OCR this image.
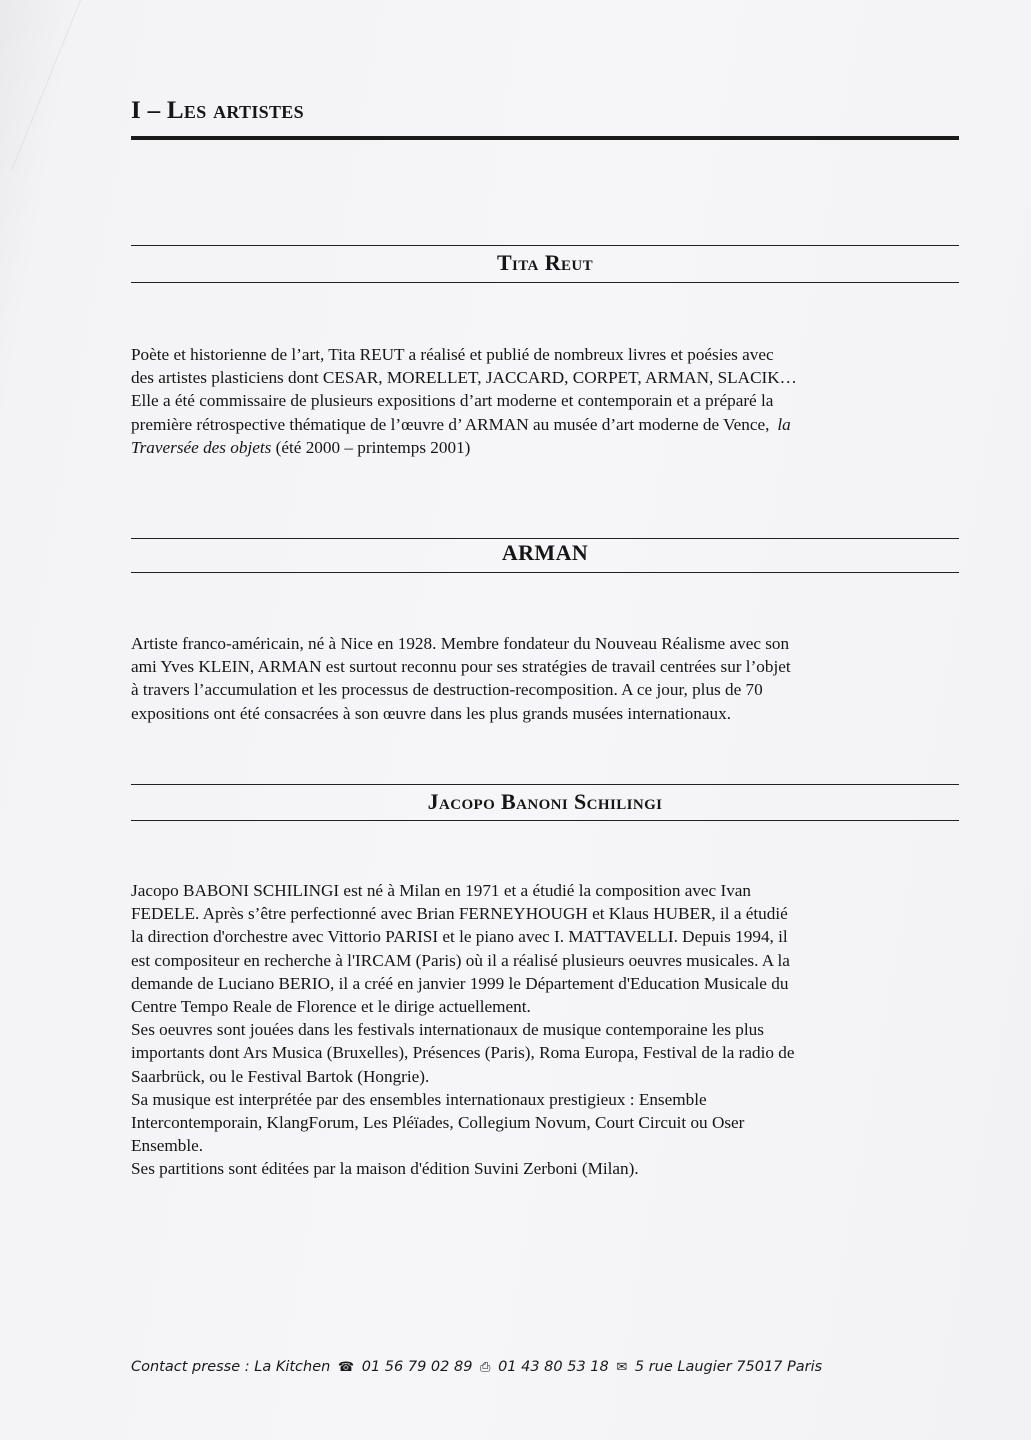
I – Les artistes
Tita Reut
Poète et historienne de l’art, Tita REUT a réalisé et publié de nombreux livres et poésies avec
des artistes plasticiens dont CESAR, MORELLET, JACCARD, CORPET, ARMAN, SLACIK…
Elle a été commissaire de plusieurs expositions d’art moderne et contemporain et a préparé la
première rétrospective thématique de l’œuvre d’ ARMAN au musée d’art moderne de Vence, la
Traversée des objets (été 2000 – printemps 2001)
ARMAN
Artiste franco-américain, né à Nice en 1928. Membre fondateur du Nouveau Réalisme avec son
ami Yves KLEIN, ARMAN est surtout reconnu pour ses stratégies de travail centrées sur l’objet
à travers l’accumulation et les processus de destruction-recomposition. A ce jour, plus de 70
expositions ont été consacrées à son œuvre dans les plus grands musées internationaux.
Jacopo Banoni Schilingi
Jacopo BABONI SCHILINGI est né à Milan en 1971 et a étudié la composition avec Ivan
FEDELE. Après s’être perfectionné avec Brian FERNEYHOUGH et Klaus HUBER, il a étudié
la direction d'orchestre avec Vittorio PARISI et le piano avec I. MATTAVELLI. Depuis 1994, il
est compositeur en recherche à l'IRCAM (Paris) où il a réalisé plusieurs oeuvres musicales. A la
demande de Luciano BERIO, il a créé en janvier 1999 le Département d'Education Musicale du
Centre Tempo Reale de Florence et le dirige actuellement.
Ses oeuvres sont jouées dans les festivals internationaux de musique contemporaine les plus
importants dont Ars Musica (Bruxelles), Présences (Paris), Roma Europa, Festival de la radio de
Saarbrück, ou le Festival Bartok (Hongrie).
Sa musique est interprétée par des ensembles internationaux prestigieux : Ensemble
Intercontemporain, KlangForum, Les Pléïades, Collegium Novum, Court Circuit ou Oser
Ensemble.
Ses partitions sont éditées par la maison d'édition Suvini Zerboni (Milan).
Contact presse : La Kitchen ☎ 01 56 79 02 89 ⎙ 01 43 80 53 18 ✉ 5 rue Laugier 75017 Paris
